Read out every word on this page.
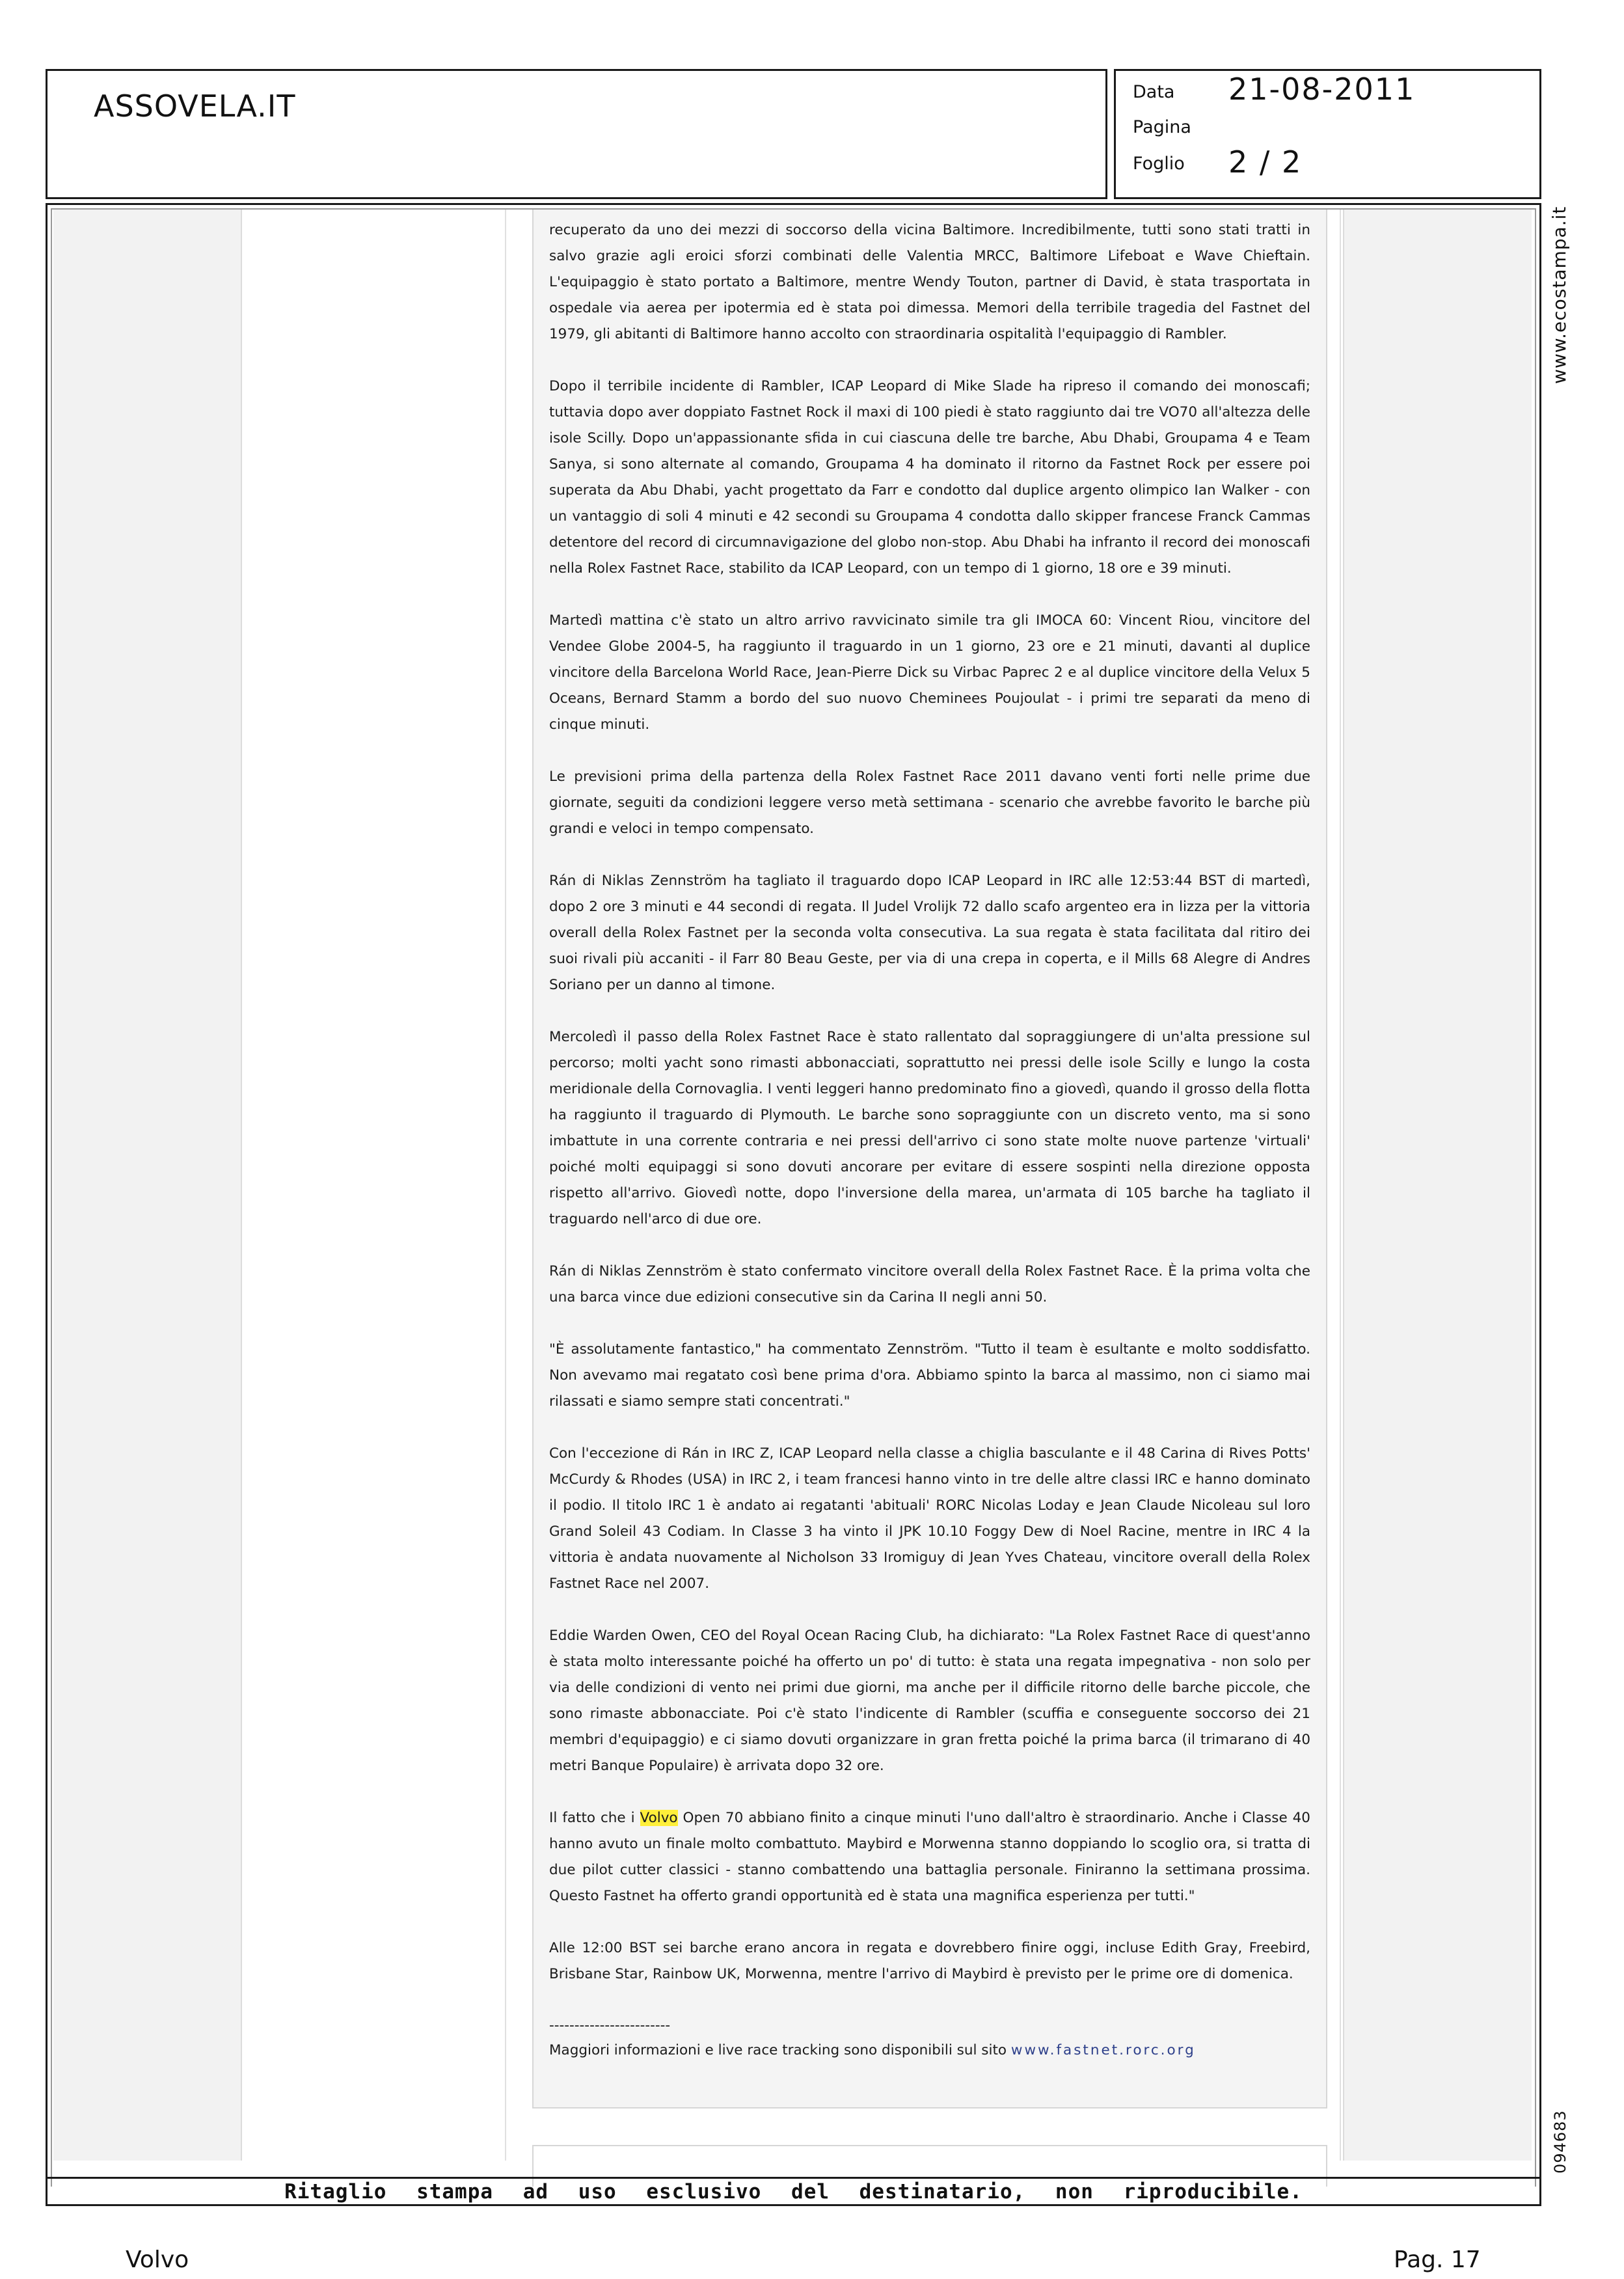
ASSOVELA.IT	Data 21-08-2011
Pagina
Foglio 2 / 2

recuperato da uno dei mezzi di soccorso della vicina Baltimore. Incredibilmente, tutti sono stati tratti in salvo grazie agli eroici sforzi combinati delle Valentia MRCC, Baltimore Lifeboat e Wave Chieftain. L'equipaggio è stato portato a Baltimore, mentre Wendy Touton, partner di David, è stata trasportata in ospedale via aerea per ipotermia ed è stata poi dimessa. Memori della terribile tragedia del Fastnet del 1979, gli abitanti di Baltimore hanno accolto con straordinaria ospitalità l'equipaggio di Rambler.

Dopo il terribile incidente di Rambler, ICAP Leopard di Mike Slade ha ripreso il comando dei monoscafi; tuttavia dopo aver doppiato Fastnet Rock il maxi di 100 piedi è stato raggiunto dai tre VO70 all'altezza delle isole Scilly. Dopo un'appassionante sfida in cui ciascuna delle tre barche, Abu Dhabi, Groupama 4 e Team Sanya, si sono alternate al comando, Groupama 4 ha dominato il ritorno da Fastnet Rock per essere poi superata da Abu Dhabi, yacht progettato da Farr e condotto dal duplice argento olimpico Ian Walker - con un vantaggio di soli 4 minuti e 42 secondi su Groupama 4 condotta dallo skipper francese Franck Cammas detentore del record di circumnavigazione del globo non-stop. Abu Dhabi ha infranto il record dei monoscafi nella Rolex Fastnet Race, stabilito da ICAP Leopard, con un tempo di 1 giorno, 18 ore e 39 minuti.

Martedì mattina c'è stato un altro arrivo ravvicinato simile tra gli IMOCA 60: Vincent Riou, vincitore del Vendee Globe 2004-5, ha raggiunto il traguardo in un 1 giorno, 23 ore e 21 minuti, davanti al duplice vincitore della Barcelona World Race, Jean-Pierre Dick su Virbac Paprec 2 e al duplice vincitore della Velux 5 Oceans, Bernard Stamm a bordo del suo nuovo Cheminees Poujoulat - i primi tre separati da meno di cinque minuti.

Le previsioni prima della partenza della Rolex Fastnet Race 2011 davano venti forti nelle prime due giornate, seguiti da condizioni leggere verso metà settimana - scenario che avrebbe favorito le barche più grandi e veloci in tempo compensato.

Rán di Niklas Zennström ha tagliato il traguardo dopo ICAP Leopard in IRC alle 12:53:44 BST di martedì, dopo 2 ore 3 minuti e 44 secondi di regata. Il Judel Vrolijk 72 dallo scafo argenteo era in lizza per la vittoria overall della Rolex Fastnet per la seconda volta consecutiva. La sua regata è stata facilitata dal ritiro dei suoi rivali più accaniti - il Farr 80 Beau Geste, per via di una crepa in coperta, e il Mills 68 Alegre di Andres Soriano per un danno al timone.

Mercoledì il passo della Rolex Fastnet Race è stato rallentato dal sopraggiungere di un'alta pressione sul percorso; molti yacht sono rimasti abbonacciati, soprattutto nei pressi delle isole Scilly e lungo la costa meridionale della Cornovaglia. I venti leggeri hanno predominato fino a giovedì, quando il grosso della flotta ha raggiunto il traguardo di Plymouth. Le barche sono sopraggiunte con un discreto vento, ma si sono imbattute in una corrente contraria e nei pressi dell'arrivo ci sono state molte nuove partenze 'virtuali' poiché molti equipaggi si sono dovuti ancorare per evitare di essere sospinti nella direzione opposta rispetto all'arrivo. Giovedì notte, dopo l'inversione della marea, un'armata di 105 barche ha tagliato il traguardo nell'arco di due ore.

Rán di Niklas Zennström è stato confermato vincitore overall della Rolex Fastnet Race. È la prima volta che una barca vince due edizioni consecutive sin da Carina II negli anni 50.

"È assolutamente fantastico," ha commentato Zennström. "Tutto il team è esultante e molto soddisfatto. Non avevamo mai regatato così bene prima d'ora. Abbiamo spinto la barca al massimo, non ci siamo mai rilassati e siamo sempre stati concentrati."

Con l'eccezione di Rán in IRC Z, ICAP Leopard nella classe a chiglia basculante e il 48 Carina di Rives Potts' McCurdy & Rhodes (USA) in IRC 2, i team francesi hanno vinto in tre delle altre classi IRC e hanno dominato il podio. Il titolo IRC 1 è andato ai regatanti 'abituali' RORC Nicolas Loday e Jean Claude Nicoleau sul loro Grand Soleil 43 Codiam. In Classe 3 ha vinto il JPK 10.10 Foggy Dew di Noel Racine, mentre in IRC 4 la vittoria è andata nuovamente al Nicholson 33 Iromiguy di Jean Yves Chateau, vincitore overall della Rolex Fastnet Race nel 2007.

Eddie Warden Owen, CEO del Royal Ocean Racing Club, ha dichiarato: "La Rolex Fastnet Race di quest'anno è stata molto interessante poiché ha offerto un po' di tutto: è stata una regata impegnativa - non solo per via delle condizioni di vento nei primi due giorni, ma anche per il difficile ritorno delle barche piccole, che sono rimaste abbonacciate. Poi c'è stato l'indicente di Rambler (scuffia e conseguente soccorso dei 21 membri d'equipaggio) e ci siamo dovuti organizzare in gran fretta poiché la prima barca (il trimarano di 40 metri Banque Populaire) è arrivata dopo 32 ore.

Il fatto che i Volvo Open 70 abbiano finito a cinque minuti l'uno dall'altro è straordinario. Anche i Classe 40 hanno avuto un finale molto combattuto. Maybird e Morwenna stanno doppiando lo scoglio ora, si tratta di due pilot cutter classici - stanno combattendo una battaglia personale. Finiranno la settimana prossima. Questo Fastnet ha offerto grandi opportunità ed è stata una magnifica esperienza per tutti."

Alle 12:00 BST sei barche erano ancora in regata e dovrebbero finire oggi, incluse Edith Gray, Freebird, Brisbane Star, Rainbow UK, Morwenna, mentre l'arrivo di Maybird è previsto per le prime ore di domenica.

------------------------

Maggiori informazioni e live race tracking sono disponibili sul sito www.fastnet.rorc.org

www.ecostampa.it
094683
Ritaglio stampa ad uso esclusivo del destinatario, non riproducibile.
Volvo	Pag. 17
